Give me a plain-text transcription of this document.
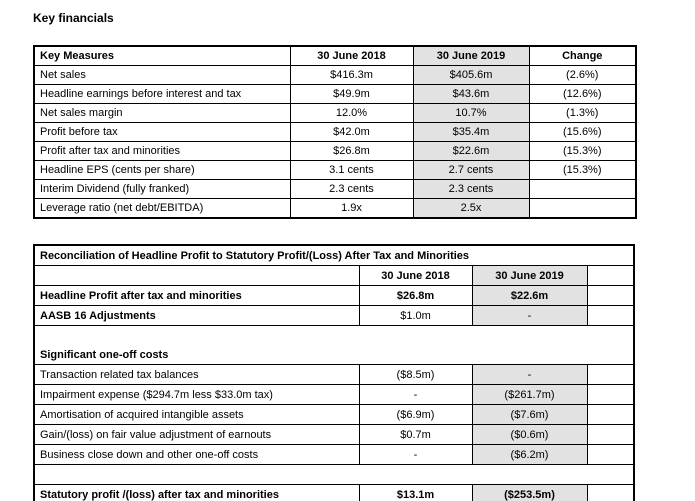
Key financials
Key Measures	30 June 2018	30 June 2019	Change
Net sales	$416.3m	$405.6m	(2.6%)
Headline earnings before interest and tax	$49.9m	$43.6m	(12.6%)
Net sales margin	12.0%	10.7%	(1.3%)
Profit before tax	$42.0m	$35.4m	(15.6%)
Profit after tax and minorities	$26.8m	$22.6m	(15.3%)
Headline EPS (cents per share)	3.1 cents	2.7 cents	(15.3%)
Interim Dividend (fully franked)	2.3 cents	2.3 cents	
Leverage ratio (net debt/EBITDA)	1.9x	2.5x	
Reconciliation of Headline Profit to Statutory Profit/(Loss) After Tax and Minorities			
	30 June 2018	30 June 2019	
Headline Profit after tax and minorities	$26.8m	$22.6m	
AASB 16 Adjustments	$1.0m	-	

Significant one-off costs			
Transaction related tax balances	($8.5m)	-	
Impairment expense ($294.7m less $33.0m tax)	-	($261.7m)	
Amortisation of acquired intangible assets	($6.9m)	($7.6m)	
Gain/(loss) on fair value adjustment of earnouts	$0.7m	($0.6m)	
Business close down and other one-off costs	-	($6.2m)	

Statutory profit /(loss) after tax and minorities	$13.1m	($253.5m)	
